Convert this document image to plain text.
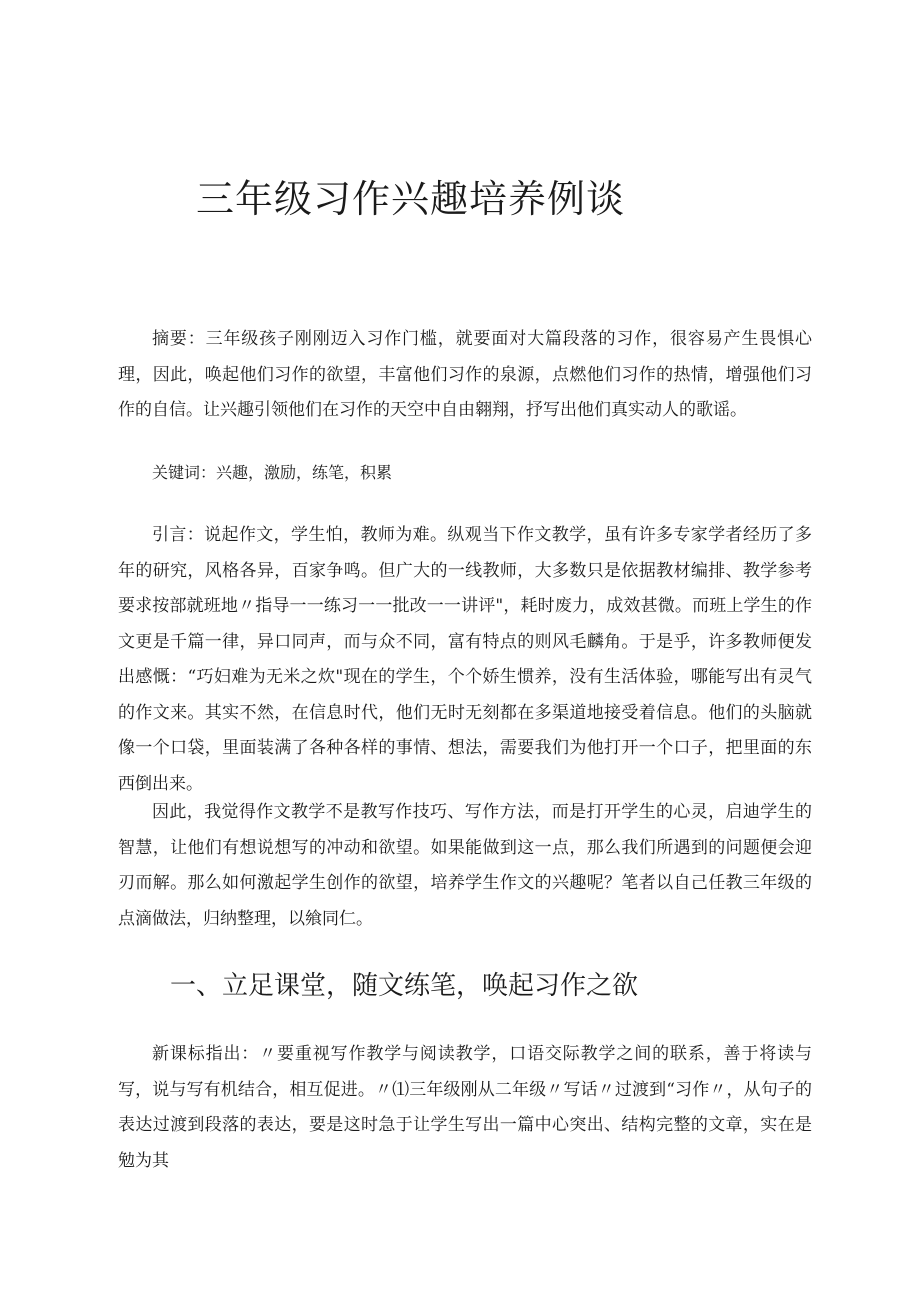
三年级习作兴趣培养例谈

摘要：三年级孩子刚刚迈入习作门槛，就要面对大篇段落的习作，很容易产生畏惧心理，因此，唤起他们习作的欲望，丰富他们习作的泉源，点燃他们习作的热情，增强他们习作的自信。让兴趣引领他们在习作的天空中自由翱翔，抒写出他们真实动人的歌谣。

关键词：兴趣，激励，练笔，积累

引言：说起作文，学生怕，教师为难。纵观当下作文教学，虽有许多专家学者经历了多年的研究，风格各异，百家争鸣。但广大的一线教师，大多数只是依据教材编排、教学参考要求按部就班地〃指导一一练习一一批改一一讲评"，耗时废力，成效甚微。而班上学生的作文更是千篇一律，异口同声，而与众不同，富有特点的则风毛麟角。于是乎，许多教师便发出感慨：“巧妇难为无米之炊"现在的学生，个个娇生惯养，没有生活体验，哪能写出有灵气的作文来。其实不然，在信息时代，他们无时无刻都在多渠道地接受着信息。他们的头脑就像一个口袋，里面装满了各种各样的事情、想法，需要我们为他打开一个口子，把里面的东西倒出来。

因此，我觉得作文教学不是教写作技巧、写作方法，而是打开学生的心灵，启迪学生的智慧，让他们有想说想写的冲动和欲望。如果能做到这一点，那么我们所遇到的问题便会迎刃而解。那么如何激起学生创作的欲望，培养学生作文的兴趣呢？笔者以自己任教三年级的点滴做法，归纳整理，以飨同仁。

一、立足课堂，随文练笔，唤起习作之欲

新课标指出：〃要重视写作教学与阅读教学，口语交际教学之间的联系，善于将读与写，说与写有机结合，相互促进。〃⑴三年级刚从二年级〃写话〃过渡到“习作〃，从句子的表达过渡到段落的表达，要是这时急于让学生写出一篇中心突出、结构完整的文章，实在是勉为其
